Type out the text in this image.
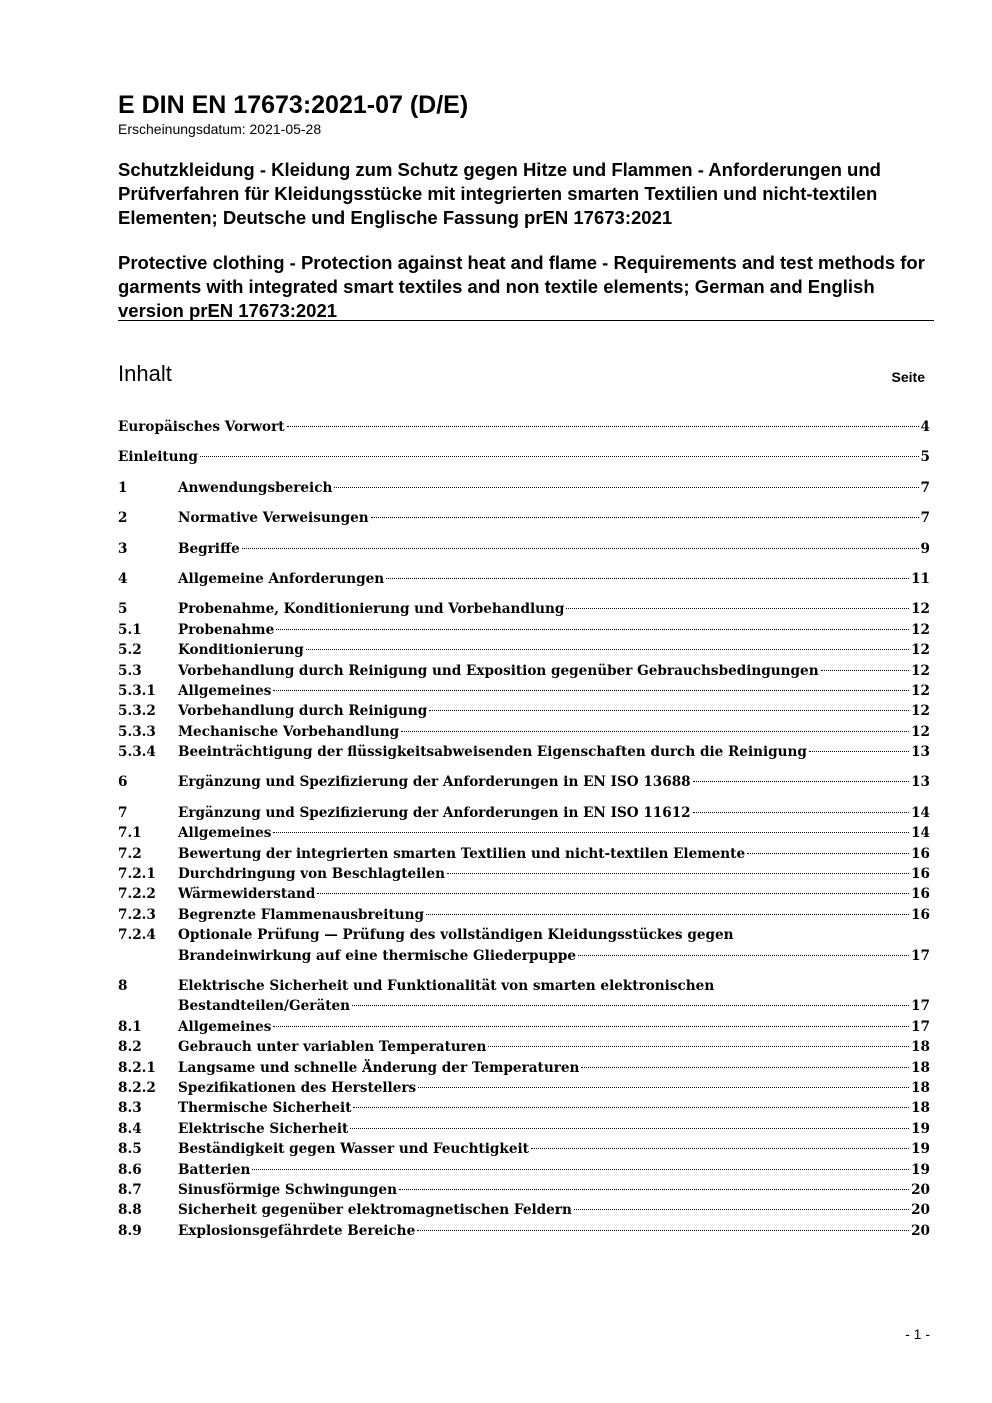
E DIN EN 17673:2021-07 (D/E)
Erscheinungsdatum: 2021-05-28
Schutzkleidung - Kleidung zum Schutz gegen Hitze und Flammen - Anforderungen und Prüfverfahren für Kleidungsstücke mit integrierten smarten Textilien und nicht-textilen Elementen; Deutsche und Englische Fassung prEN 17673:2021
Protective clothing - Protection against heat and flame - Requirements and test methods for garments with integrated smart textiles and non textile elements; German and English version prEN 17673:2021
Inhalt	Seite
Europäisches Vorwort	4
Einleitung	5
1	Anwendungsbereich	7
2	Normative Verweisungen	7
3	Begriffe	9
4	Allgemeine Anforderungen	11
5	Probenahme, Konditionierung und Vorbehandlung	12
5.1	Probenahme	12
5.2	Konditionierung	12
5.3	Vorbehandlung durch Reinigung und Exposition gegenüber Gebrauchsbedingungen	12
5.3.1	Allgemeines	12
5.3.2	Vorbehandlung durch Reinigung	12
5.3.3	Mechanische Vorbehandlung	12
5.3.4	Beeinträchtigung der flüssigkeitsabweisenden Eigenschaften durch die Reinigung	13
6	Ergänzung und Spezifizierung der Anforderungen in EN ISO 13688	13
7	Ergänzung und Spezifizierung der Anforderungen in EN ISO 11612	14
7.1	Allgemeines	14
7.2	Bewertung der integrierten smarten Textilien und nicht-textilen Elemente	16
7.2.1	Durchdringung von Beschlagteilen	16
7.2.2	Wärmewiderstand	16
7.2.3	Begrenzte Flammenausbreitung	16
7.2.4	Optionale Prüfung — Prüfung des vollständigen Kleidungsstückes gegen
Brandeinwirkung auf eine thermische Gliederpuppe	17
8	Elektrische Sicherheit und Funktionalität von smarten elektronischen
Bestandteilen/Geräten	17
8.1	Allgemeines	17
8.2	Gebrauch unter variablen Temperaturen	18
8.2.1	Langsame und schnelle Änderung der Temperaturen	18
8.2.2	Spezifikationen des Herstellers	18
8.3	Thermische Sicherheit	18
8.4	Elektrische Sicherheit	19
8.5	Beständigkeit gegen Wasser und Feuchtigkeit	19
8.6	Batterien	19
8.7	Sinusförmige Schwingungen	20
8.8	Sicherheit gegenüber elektromagnetischen Feldern	20
8.9	Explosionsgefährdete Bereiche	20
- 1 -
